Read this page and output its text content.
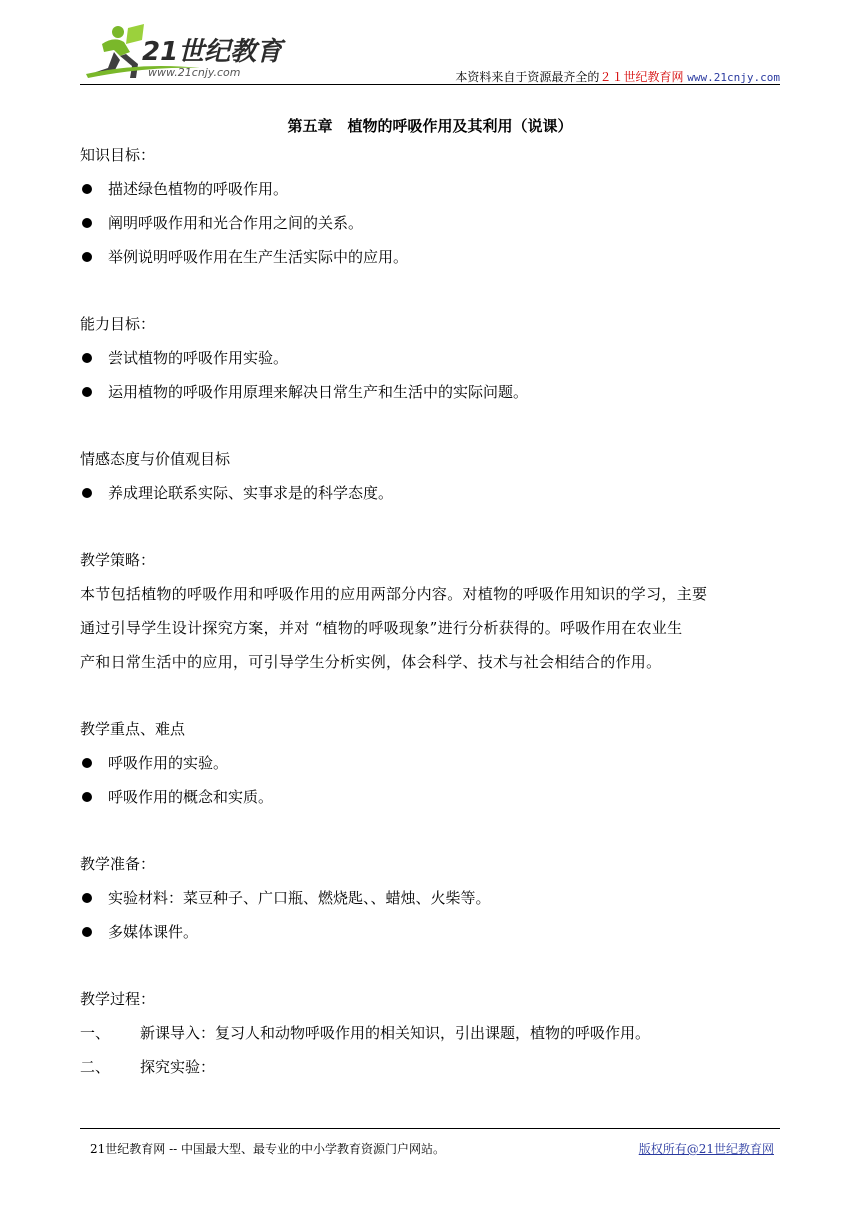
21世纪教育
www.21cnjy.com	本资料来自于资源最齐全的２１世纪教育网 www.21cnjy.com
第五章　植物的呼吸作用及其利用（说课）
知识目标：
描述绿色植物的呼吸作用。
阐明呼吸作用和光合作用之间的关系。
举例说明呼吸作用在生产生活实际中的应用。
能力目标：
尝试植物的呼吸作用实验。
运用植物的呼吸作用原理来解决日常生产和生活中的实际问题。
情感态度与价值观目标
养成理论联系实际、实事求是的科学态度。
教学策略：
本节包括植物的呼吸作用和呼吸作用的应用两部分内容。对植物的呼吸作用知识的学习，主要
通过引导学生设计探究方案，并对 “植物的呼吸现象”进行分析获得的。呼吸作用在农业生
产和日常生活中的应用，可引导学生分析实例，体会科学、技术与社会相结合的作用。
教学重点、难点
呼吸作用的实验。
呼吸作用的概念和实质。
教学准备：
实验材料：菜豆种子、广口瓶、燃烧匙、、蜡烛、火柴等。
多媒体课件。
教学过程：
一、 新课导入：复习人和动物呼吸作用的相关知识，引出课题，植物的呼吸作用。
二、 探究实验：
21世纪教育网 -- 中国最大型、最专业的中小学教育资源门户网站。	版权所有@21世纪教育网
